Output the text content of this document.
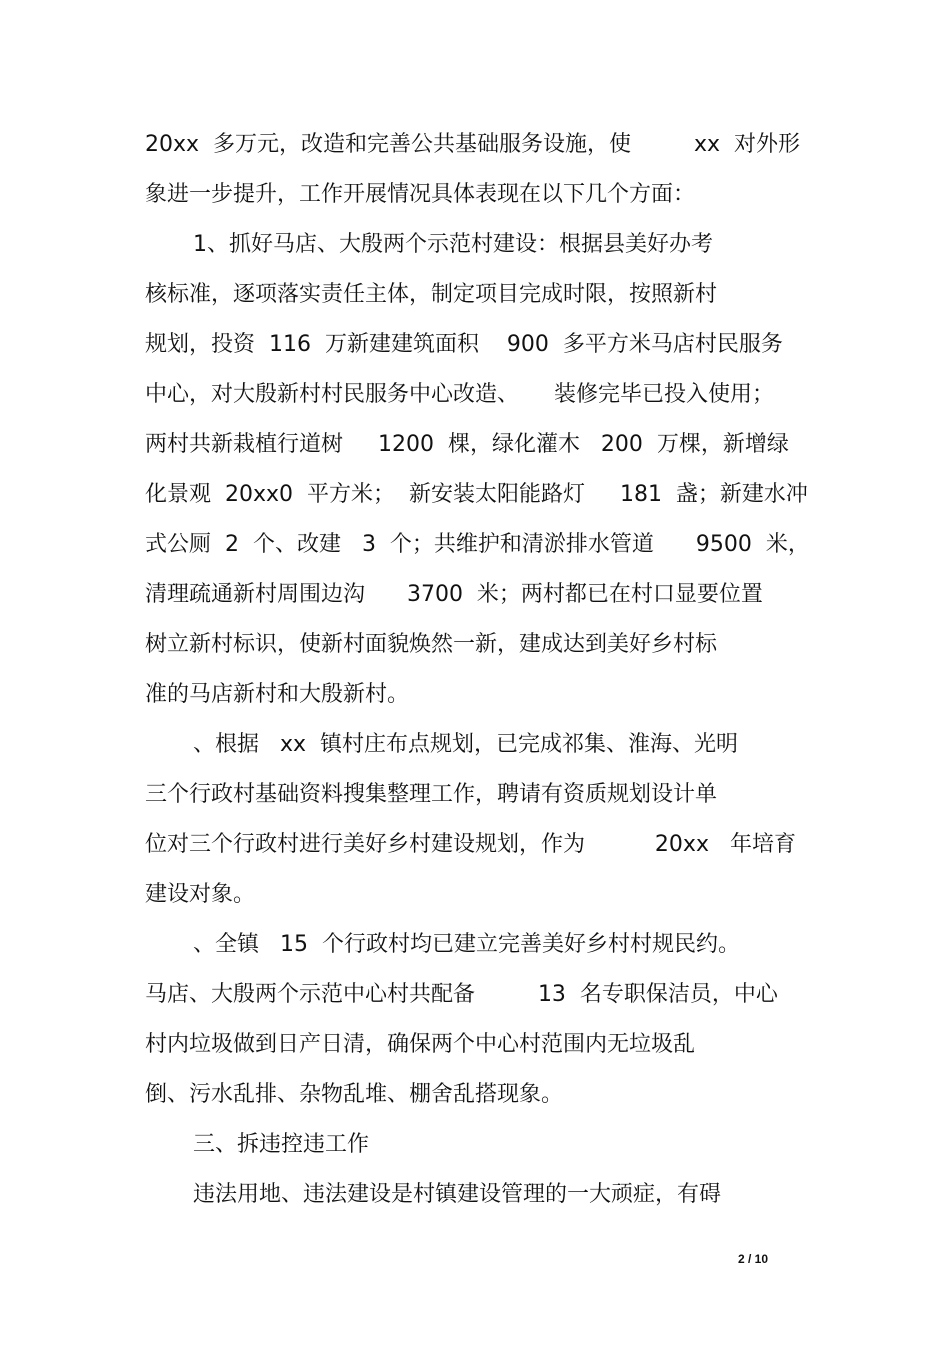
20xx  多万元，改造和完善公共基础服务设施，使         xx  对外形
象进一步提升，工作开展情况具体表现在以下几个方面：
1、抓好马店、大殷两个示范村建设：根据县美好办考
核标准，逐项落实责任主体，制定项目完成时限，按照新村
规划，投资  116  万新建建筑面积    900  多平方米马店村民服务
中心，对大殷新村村民服务中心改造、     装修完毕已投入使用；
两村共新栽植行道树     1200  棵，绿化灌木   200  万棵，新增绿
化景观  20xx0  平方米；  新安装太阳能路灯     181  盏；新建水冲
式公厕  2  个、改建   3  个；共维护和清淤排水管道      9500  米，
清理疏通新村周围边沟      3700  米；两村都已在村口显要位置
树立新村标识，使新村面貌焕然一新，建成达到美好乡村标
准的马店新村和大殷新村。
、根据   xx  镇村庄布点规划，已完成祁集、淮海、光明
三个行政村基础资料搜集整理工作，聘请有资质规划设计单
位对三个行政村进行美好乡村建设规划，作为          20xx   年培育
建设对象。
、全镇   15  个行政村均已建立完善美好乡村村规民约。
马店、大殷两个示范中心村共配备         13  名专职保洁员，中心
村内垃圾做到日产日清，确保两个中心村范围内无垃圾乱
倒、污水乱排、杂物乱堆、棚舍乱搭现象。
三、拆违控违工作
违法用地、违法建设是村镇建设管理的一大顽症，有碍
2 / 10
